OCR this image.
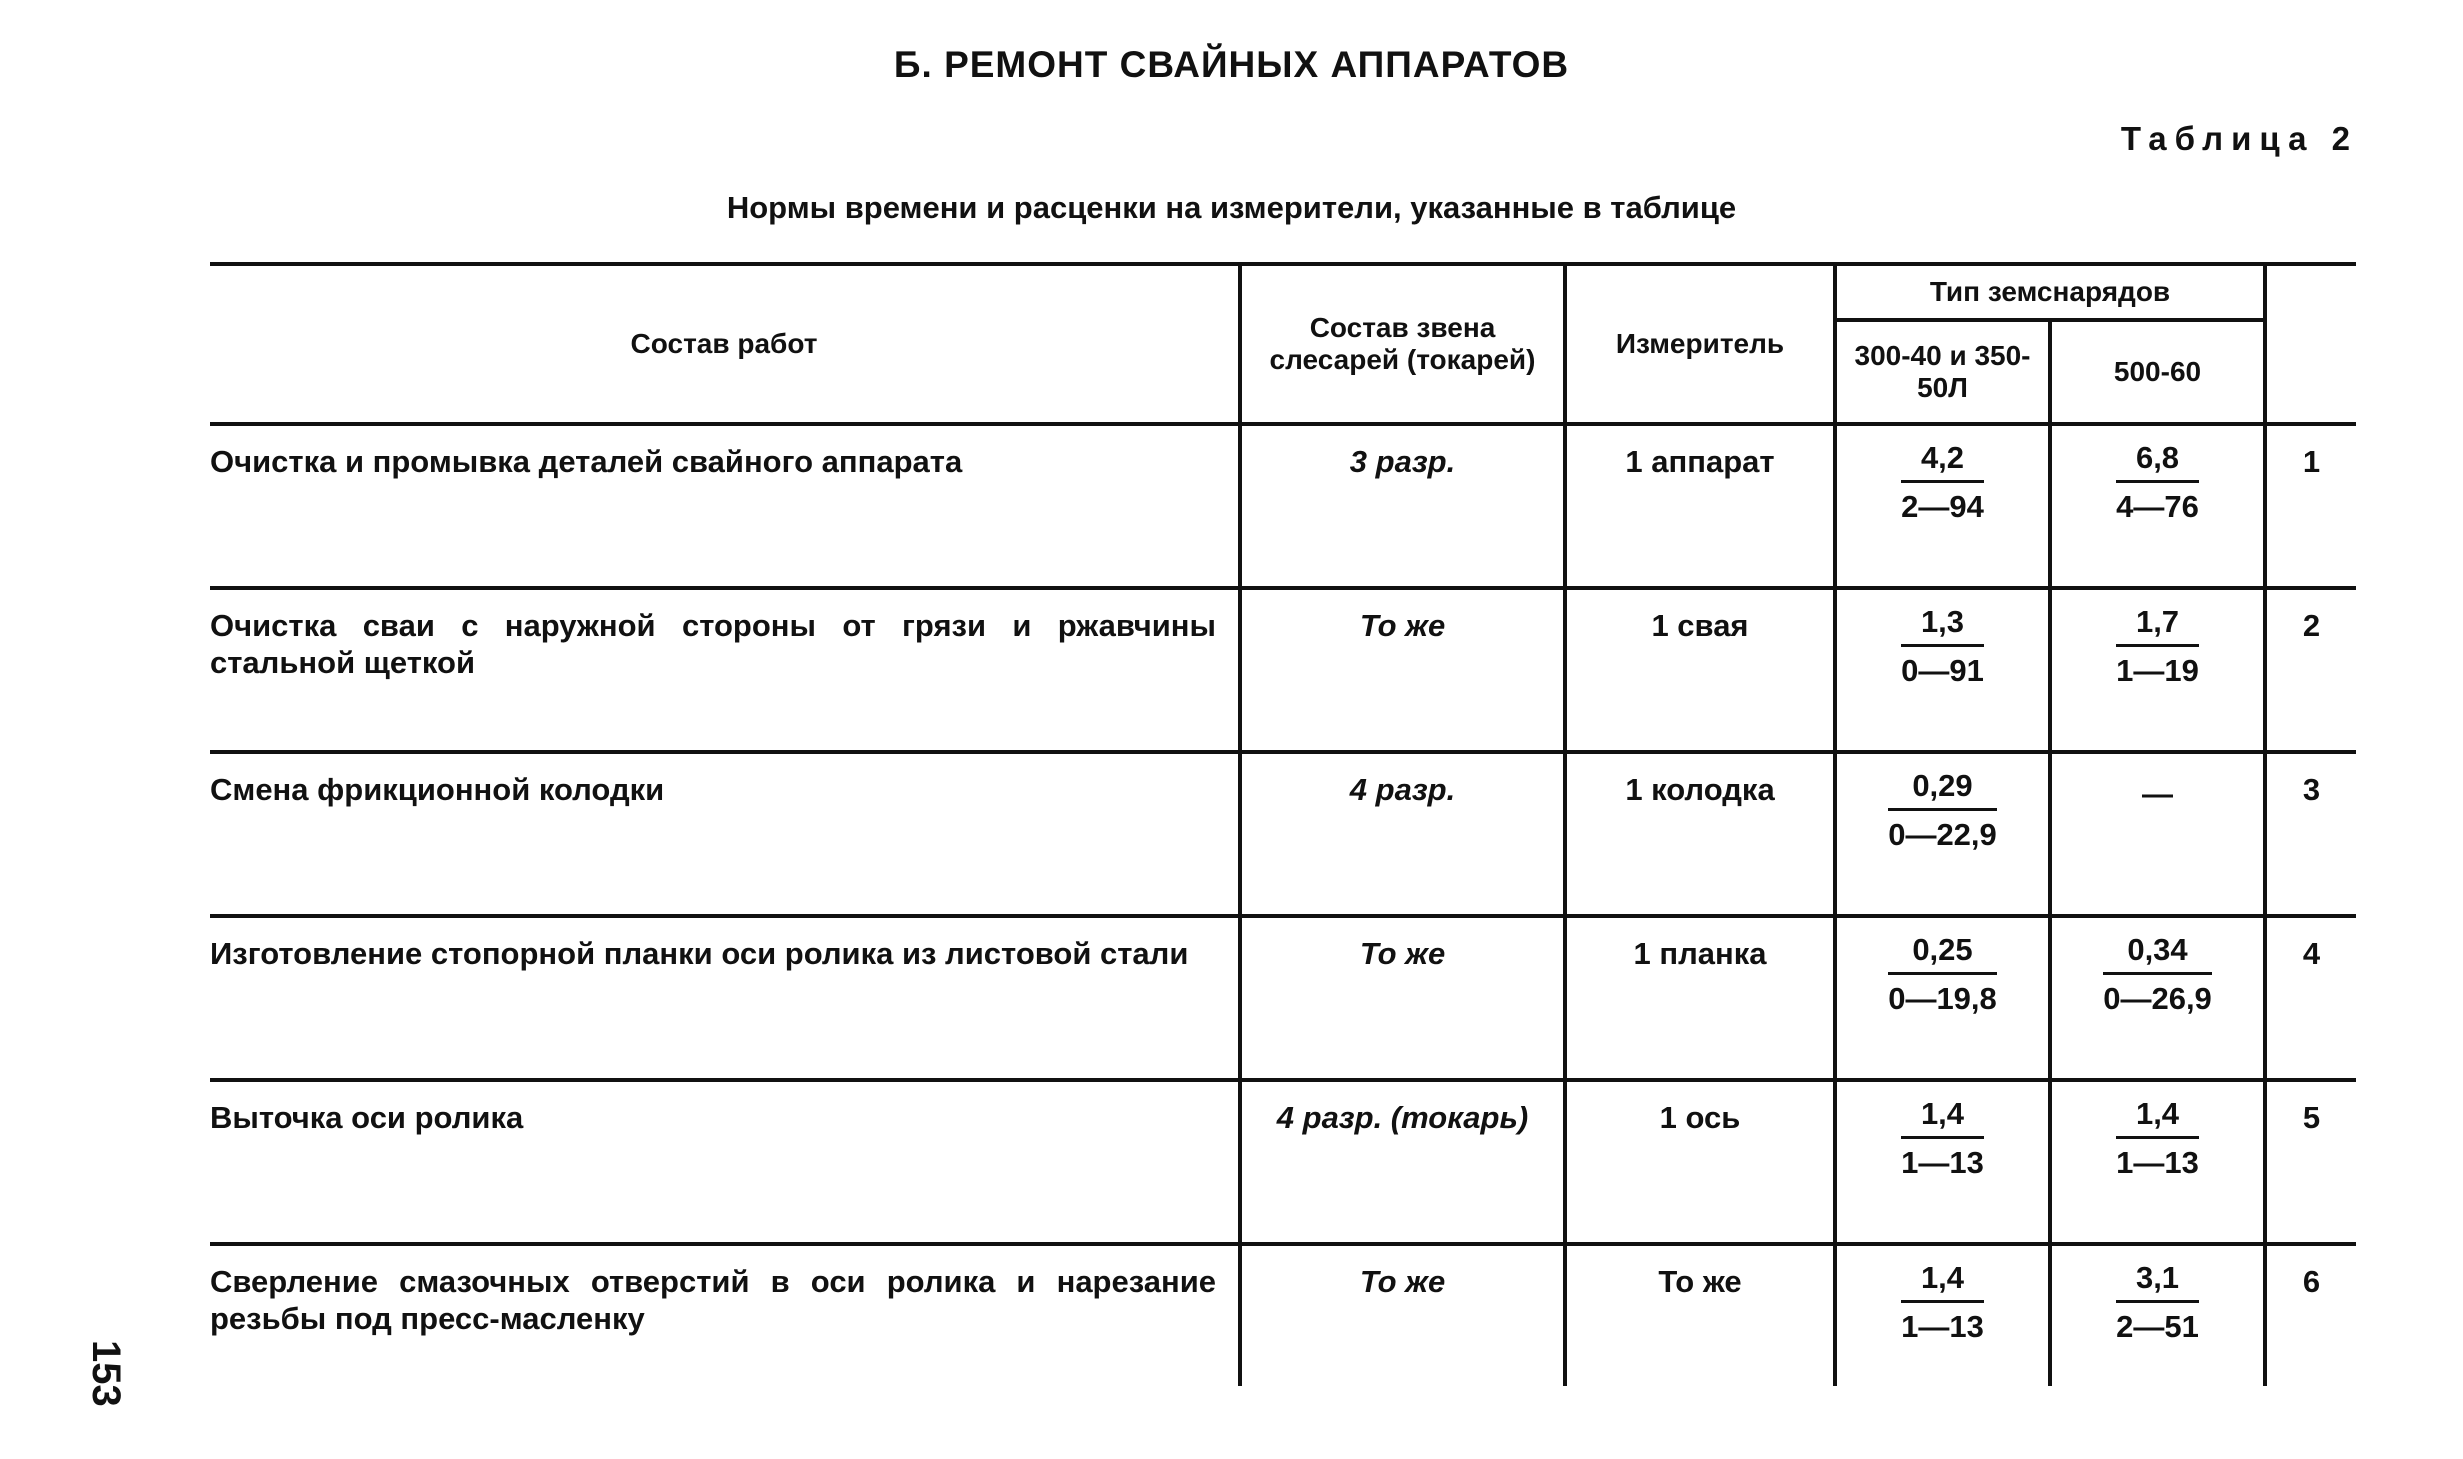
Б. РЕМОНТ СВАЙНЫХ АППАРАТОВ
Таблица 2
Нормы времени и расценки на измерители, указанные в таблице
Состав работ	Состав звена слесарей (токарей)	Измеритель	Тип земснарядов		
			300-40 и 350-50Л	500-60	
Очистка и промывка деталей свайного аппарата	3 разр.	1 аппарат	$\frac{4,2}{2—94}$	$\frac{6,8}{4—76}$	1
Очистка сваи с наружной стороны от грязи и ржавчины стальной щеткой	То же	1 свая	$\frac{1,3}{0—91}$	$\frac{1,7}{1—19}$	2
Смена фрикционной колодки	4 разр.	1 колодка	$\frac{0,29}{0—22,9}$	—	3
Изготовление стопорной планки оси ролика из листовой стали	То же	1 планка	$\frac{0,25}{0—19,8}$	$\frac{0,34}{0—26,9}$	4
Выточка оси ролика	4 разр. (токарь)	1 ось	$\frac{1,4}{1—13}$	$\frac{1,4}{1—13}$	5
Сверление смазочных отверстий в оси ролика и нарезание резьбы под пресс-масленку	То же	То же	$\frac{1,4}{1—13}$	$\frac{3,1}{2—51}$	6
153
